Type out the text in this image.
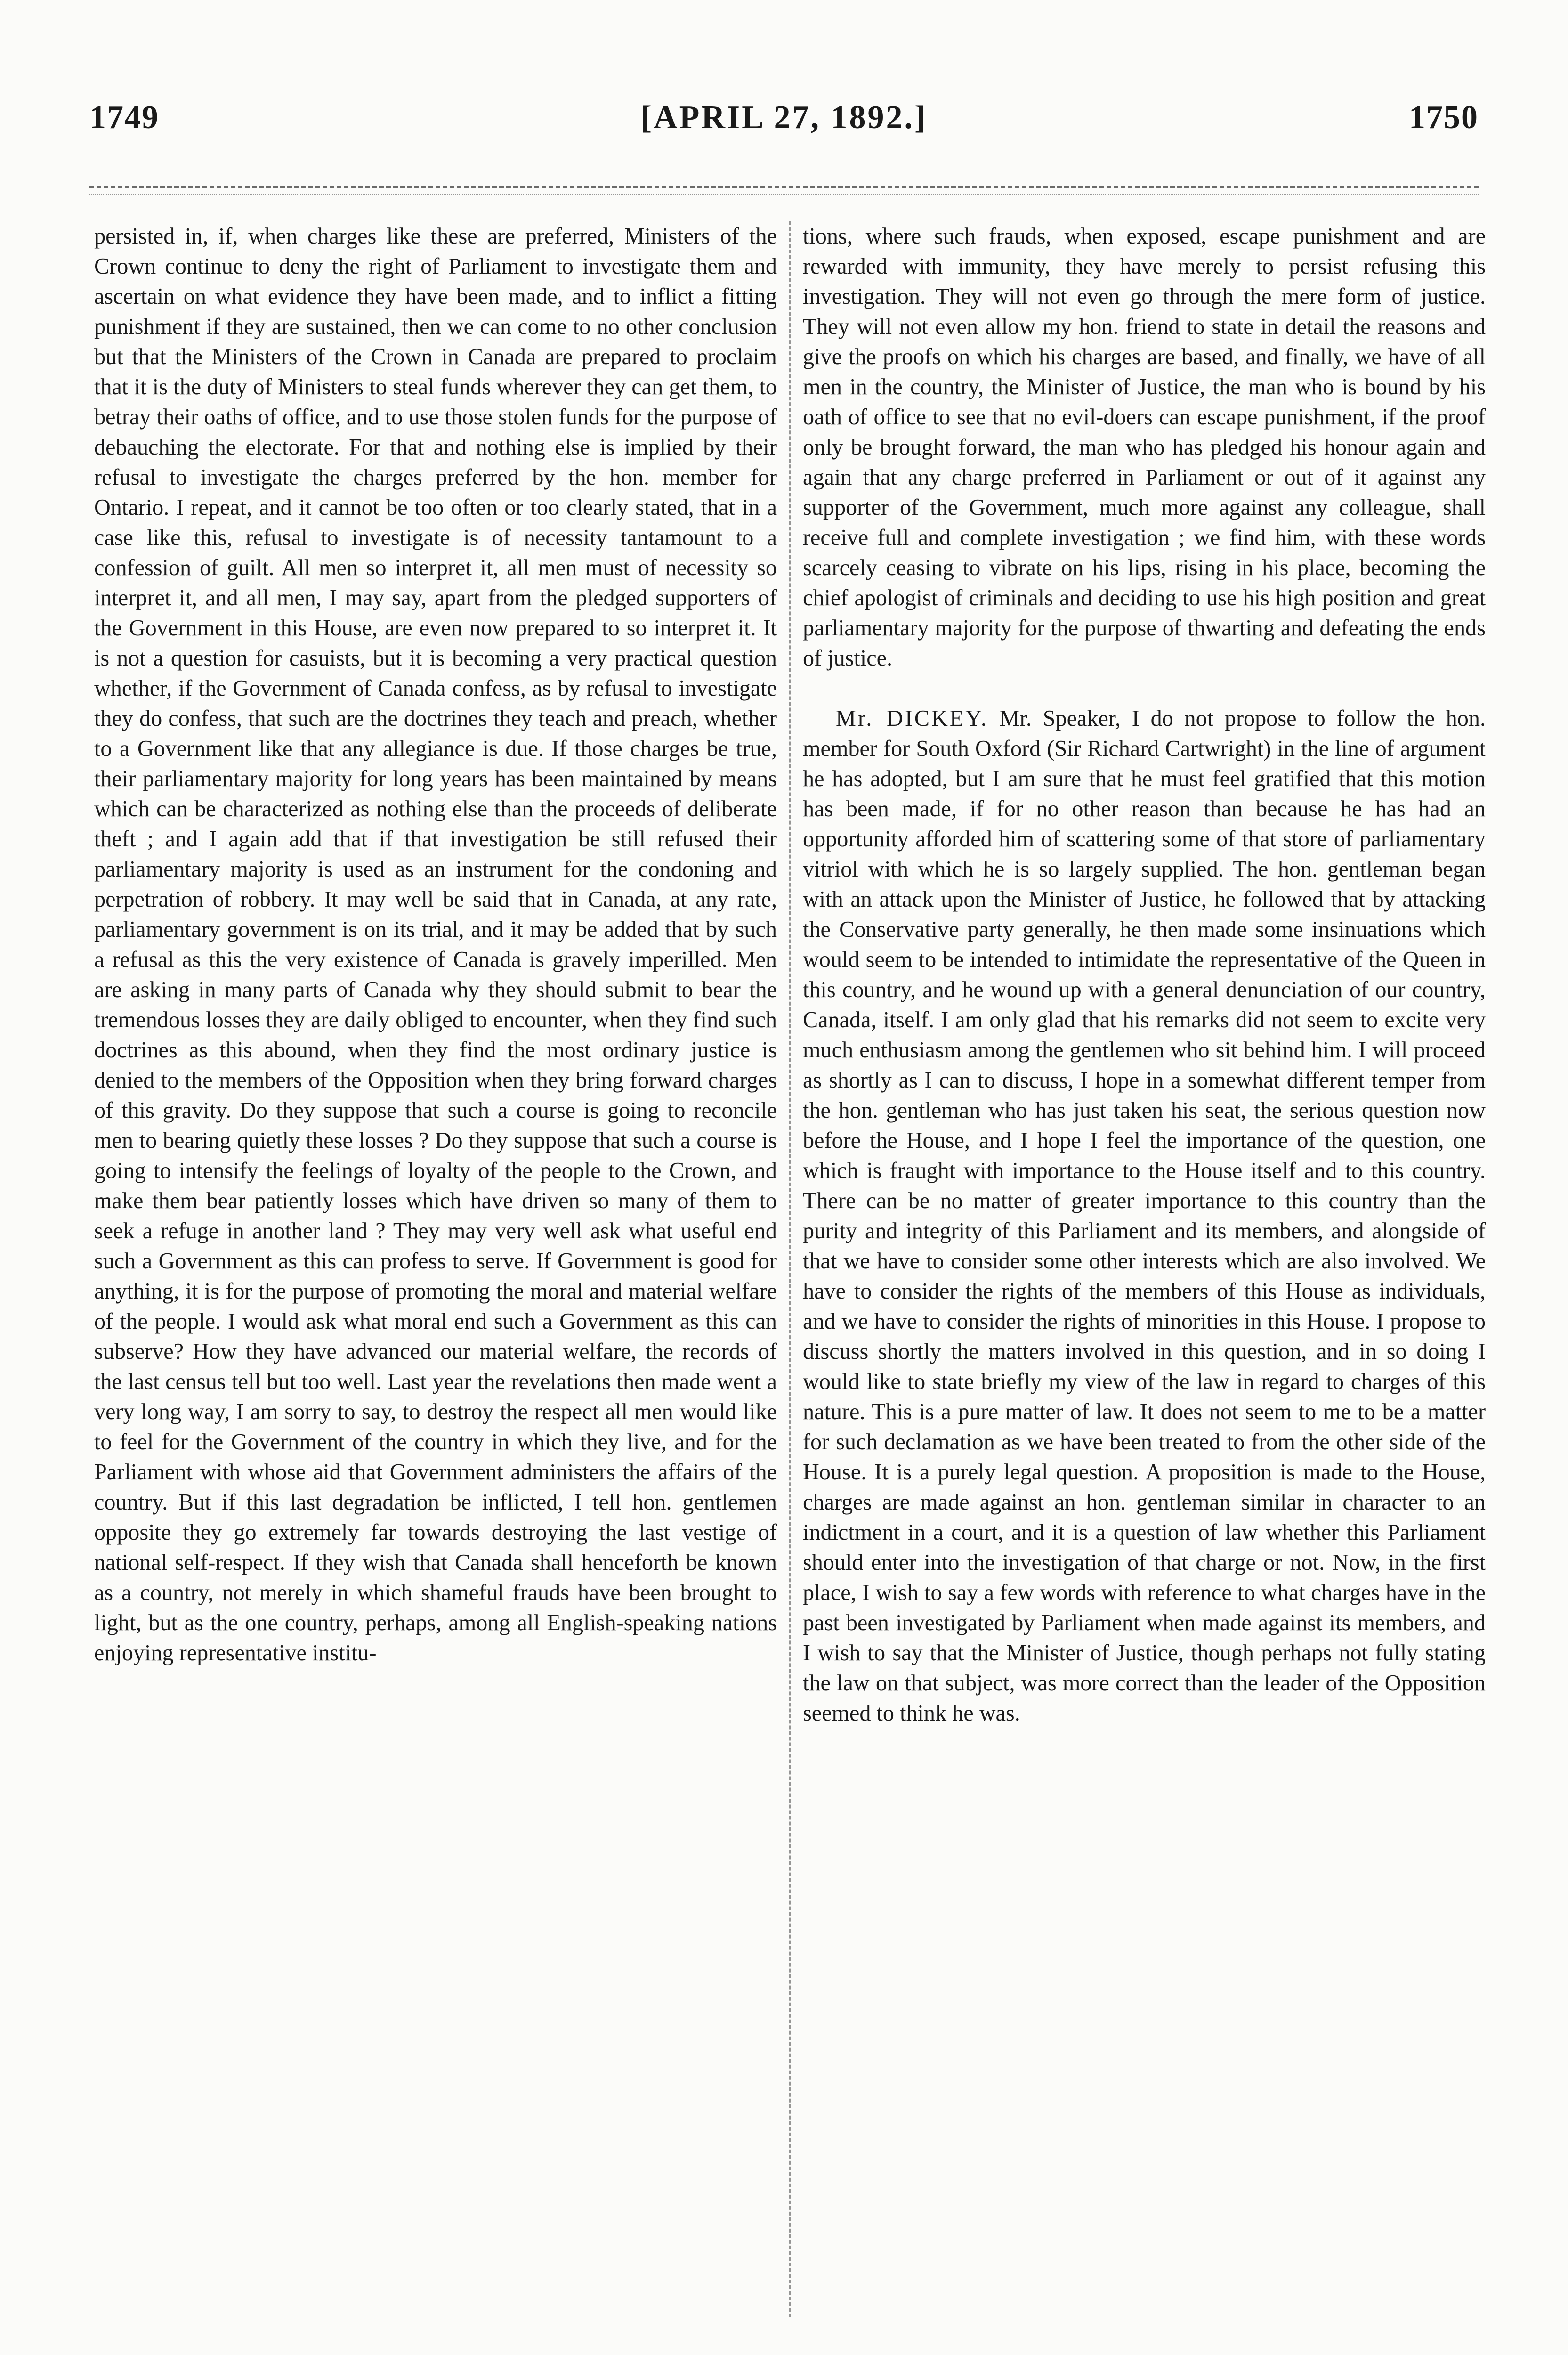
1749	[APRIL 27, 1892.]	1750

persisted in, if, when charges like these are preferred, Ministers of the Crown continue to deny the right of Parliament to investigate them and ascertain on what evidence they have been made, and to inflict a fitting punishment if they are sustained, then we can come to no other conclusion but that the Ministers of the Crown in Canada are prepared to proclaim that it is the duty of Ministers to steal funds wherever they can get them, to betray their oaths of office, and to use those stolen funds for the purpose of debauching the electorate. For that and nothing else is implied by their refusal to investigate the charges preferred by the hon. member for Ontario. I repeat, and it cannot be too often or too clearly stated, that in a case like this, refusal to investigate is of necessity tantamount to a confession of guilt. All men so interpret it, all men must of necessity so interpret it, and all men, I may say, apart from the pledged supporters of the Government in this House, are even now prepared to so interpret it. It is not a question for casuists, but it is becoming a very practical question whether, if the Government of Canada confess, as by refusal to investigate they do confess, that such are the doctrines they teach and preach, whether to a Government like that any allegiance is due. If those charges be true, their parliamentary majority for long years has been maintained by means which can be characterized as nothing else than the proceeds of deliberate theft ; and I again add that if that investigation be still refused their parliamentary majority is used as an instrument for the condoning and perpetration of robbery. It may well be said that in Canada, at any rate, parliamentary government is on its trial, and it may be added that by such a refusal as this the very existence of Canada is gravely imperilled. Men are asking in many parts of Canada why they should submit to bear the tremendous losses they are daily obliged to encounter, when they find such doctrines as this abound, when they find the most ordinary justice is denied to the members of the Opposition when they bring forward charges of this gravity. Do they suppose that such a course is going to reconcile men to bearing quietly these losses ? Do they suppose that such a course is going to intensify the feelings of loyalty of the people to the Crown, and make them bear patiently losses which have driven so many of them to seek a refuge in another land ? They may very well ask what useful end such a Government as this can profess to serve. If Government is good for anything, it is for the purpose of promoting the moral and material welfare of the people. I would ask what moral end such a Government as this can subserve? How they have advanced our material welfare, the records of the last census tell but too well. Last year the revelations then made went a very long way, I am sorry to say, to destroy the respect all men would like to feel for the Government of the country in which they live, and for the Parliament with whose aid that Government administers the affairs of the country. But if this last degradation be inflicted, I tell hon. gentlemen opposite they go extremely far towards destroying the last vestige of national self-respect. If they wish that Canada shall henceforth be known as a country, not merely in which shameful frauds have been brought to light, but as the one country, perhaps, among all English-speaking nations enjoying representative institu-

tions, where such frauds, when exposed, escape punishment and are rewarded with immunity, they have merely to persist refusing this investigation. They will not even go through the mere form of justice. They will not even allow my hon. friend to state in detail the reasons and give the proofs on which his charges are based, and finally, we have of all men in the country, the Minister of Justice, the man who is bound by his oath of office to see that no evil-doers can escape punishment, if the proof only be brought forward, the man who has pledged his honour again and again that any charge preferred in Parliament or out of it against any supporter of the Government, much more against any colleague, shall receive full and complete investigation ; we find him, with these words scarcely ceasing to vibrate on his lips, rising in his place, becoming the chief apologist of criminals and deciding to use his high position and great parliamentary majority for the purpose of thwarting and defeating the ends of justice.

Mr. DICKEY. Mr. Speaker, I do not propose to follow the hon. member for South Oxford (Sir Richard Cartwright) in the line of argument he has adopted, but I am sure that he must feel gratified that this motion has been made, if for no other reason than because he has had an opportunity afforded him of scattering some of that store of parliamentary vitriol with which he is so largely supplied. The hon. gentleman began with an attack upon the Minister of Justice, he followed that by attacking the Conservative party generally, he then made some insinuations which would seem to be intended to intimidate the representative of the Queen in this country, and he wound up with a general denunciation of our country, Canada, itself. I am only glad that his remarks did not seem to excite very much enthusiasm among the gentlemen who sit behind him. I will proceed as shortly as I can to discuss, I hope in a somewhat different temper from the hon. gentleman who has just taken his seat, the serious question now before the House, and I hope I feel the importance of the question, one which is fraught with importance to the House itself and to this country. There can be no matter of greater importance to this country than the purity and integrity of this Parliament and its members, and alongside of that we have to consider some other interests which are also involved. We have to consider the rights of the members of this House as individuals, and we have to consider the rights of minorities in this House. I propose to discuss shortly the matters involved in this question, and in so doing I would like to state briefly my view of the law in regard to charges of this nature. This is a pure matter of law. It does not seem to me to be a matter for such declamation as we have been treated to from the other side of the House. It is a purely legal question. A proposition is made to the House, charges are made against an hon. gentleman similar in character to an indictment in a court, and it is a question of law whether this Parliament should enter into the investigation of that charge or not. Now, in the first place, I wish to say a few words with reference to what charges have in the past been investigated by Parliament when made against its members, and I wish to say that the Minister of Justice, though perhaps not fully stating the law on that subject, was more correct than the leader of the Opposition seemed to think he was.
